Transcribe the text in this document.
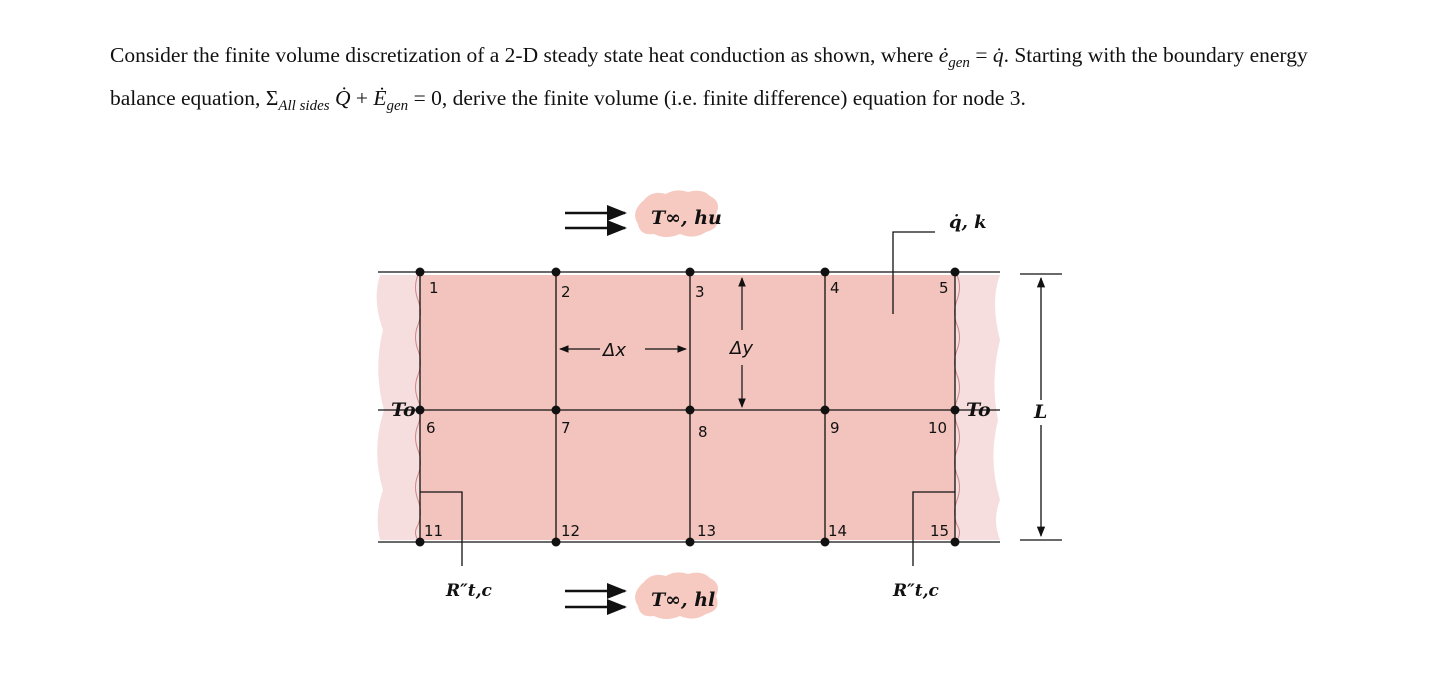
Consider the finite volume discretization of a 2-D steady state heat conduction as shown, where $ė_{gen}$ = q̇. Starting with the boundary energy balance equation, $\Sigma_{All sides}$ Q̇ + $Ė_{gen} = 0$, derive the finite volume (i.e. finite difference) equation for node 3.

1	2	3	4	5
6	7	8	9	10
11	12	13	14	15
T∞, hu
T∞, hl
q̇, k
Δx	Δy
L
To	To
R″t,c	R″t,c
